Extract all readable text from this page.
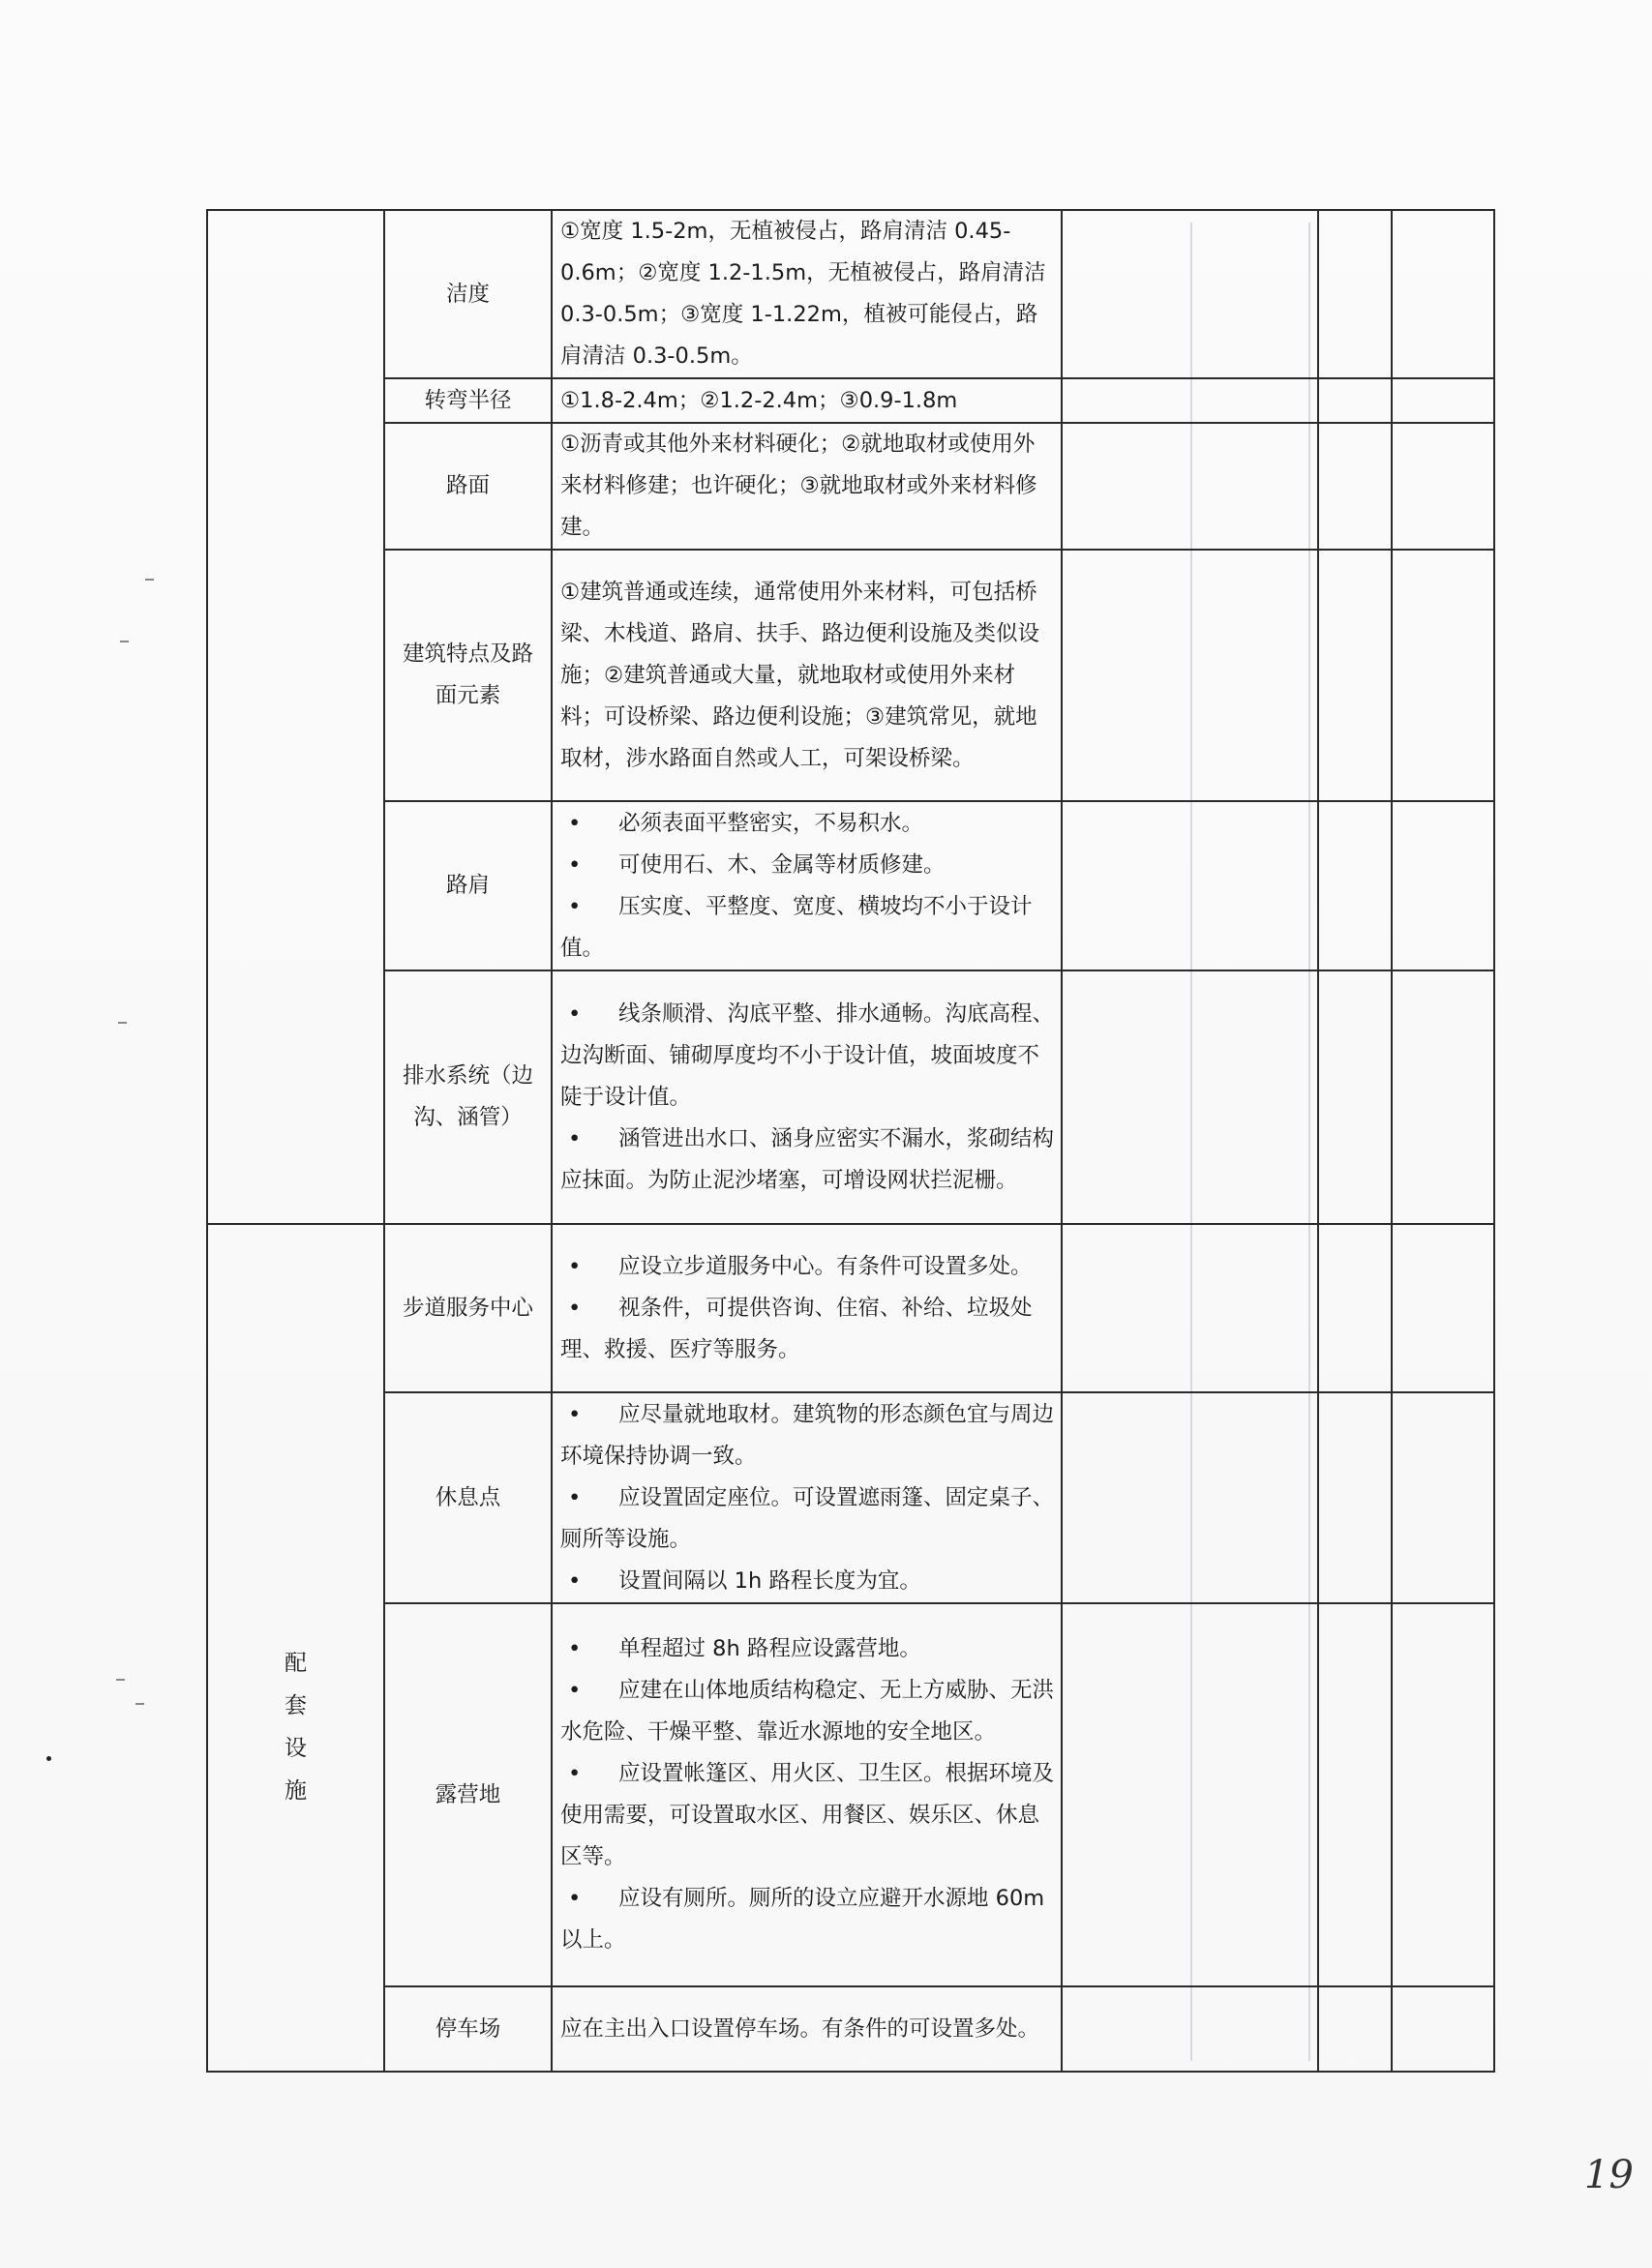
	洁度	①宽度 1.5-2m，无植被侵占，路肩清洁 0.45-0.6m；②宽度 1.2-1.5m，无植被侵占，路肩清洁 0.3-0.5m；③宽度 1-1.22m，植被可能侵占，路肩清洁 0.3-0.5m。			
	转弯半径	①1.8-2.4m；②1.2-2.4m；③0.9-1.8m			
	路面	①沥青或其他外来材料硬化；②就地取材或使用外来材料修建；也许硬化；③就地取材或外来材料修建。			
	建筑特点及路面元素	①建筑普通或连续，通常使用外来材料，可包括桥梁、木栈道、路肩、扶手、路边便利设施及类似设施；②建筑普通或大量，就地取材或使用外来材料；可设桥梁、路边便利设施；③建筑常见，就地取材，涉水路面自然或人工，可架设桥梁。			
	路肩	• 必须表面平整密实，不易积水。
• 可使用石、木、金属等材质修建。
• 压实度、平整度、宽度、横坡均不小于设计值。			

	排水系统（边沟、涵管）	• 线条顺滑、沟底平整、排水通畅。沟底高程、边沟断面、铺砌厚度均不小于设计值，坡面坡度不陡于设计值。
• 涵管进出水口、涵身应密实不漏水，浆砌结构应抹面。为防止泥沙堵塞，可增设网状拦泥栅。			

配套设施	步道服务中心	• 应设立步道服务中心。有条件可设置多处。
• 视条件，可提供咨询、住宿、补给、垃圾处理、救援、医疗等服务。			

	休息点	• 应尽量就地取材。建筑物的形态颜色宜与周边环境保持协调一致。
• 应设置固定座位。可设置遮雨篷、固定桌子、厕所等设施。
• 设置间隔以 1h 路程长度为宜。			

	露营地	• 单程超过 8h 路程应设露营地。
• 应建在山体地质结构稳定、无上方威胁、无洪水危险、干燥平整、靠近水源地的安全地区。
• 应设置帐篷区、用火区、卫生区。根据环境及使用需要，可设置取水区、用餐区、娱乐区、休息区等。
• 应设有厕所。厕所的设立应避开水源地 60m 以上。			

	停车场	应在主出入口设置停车场。有条件的可设置多处。			
19
